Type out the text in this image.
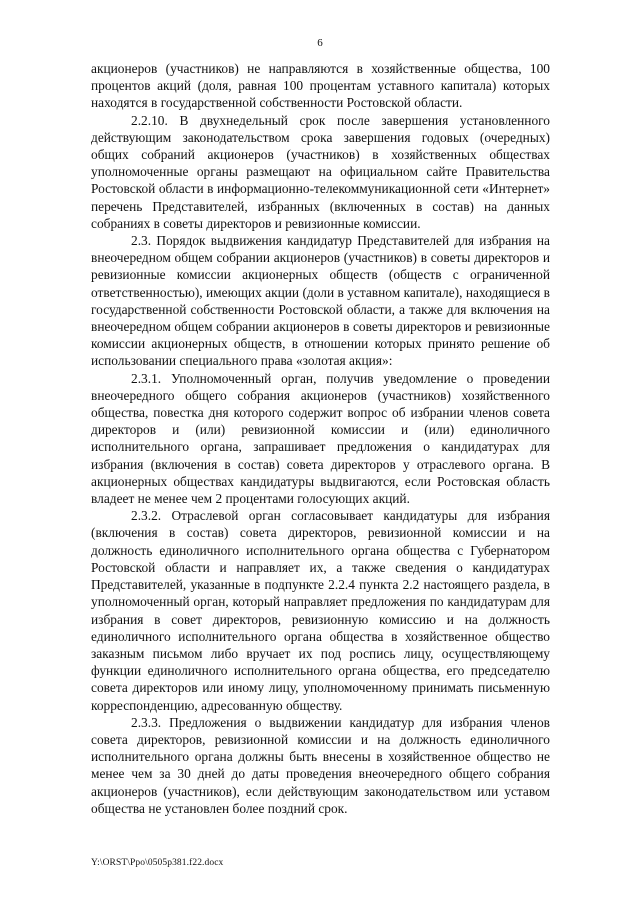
6

акционеров (участников) не направляются в хозяйственные общества, 100 процентов акций (доля, равная 100 процентам уставного капитала) которых находятся в государственной собственности Ростовской области.

2.2.10. В двухнедельный срок после завершения установленного действующим законодательством срока завершения годовых (очередных) общих собраний акционеров (участников) в хозяйственных обществах уполномоченные органы размещают на официальном сайте Правительства Ростовской области в информационно-телекоммуникационной сети «Интернет» перечень Представителей, избранных (включенных в состав) на данных собраниях в советы директоров и ревизионные комиссии.

2.3. Порядок выдвижения кандидатур Представителей для избрания на внеочередном общем собрании акционеров (участников) в советы директоров и ревизионные комиссии акционерных обществ (обществ с ограниченной ответственностью), имеющих акции (доли в уставном капитале), находящиеся в государственной собственности Ростовской области, а также для включения на внеочередном общем собрании акционеров в советы директоров и ревизионные комиссии акционерных обществ, в отношении которых принято решение об использовании специального права «золотая акция»:

2.3.1. Уполномоченный орган, получив уведомление о проведении внеочередного общего собрания акционеров (участников) хозяйственного общества, повестка дня которого содержит вопрос об избрании членов совета директоров и (или) ревизионной комиссии и (или) единоличного исполнительного органа, запрашивает предложения о кандидатурах для избрания (включения в состав) совета директоров у отраслевого органа. В акционерных обществах кандидатуры выдвигаются, если Ростовская область владеет не менее чем 2 процентами голосующих акций.

2.3.2. Отраслевой орган согласовывает кандидатуры для избрания (включения в состав) совета директоров, ревизионной комиссии и на должность единоличного исполнительного органа общества с Губернатором Ростовской области и направляет их, а также сведения о кандидатурах Представителей, указанные в подпункте 2.2.4 пункта 2.2 настоящего раздела, в уполномоченный орган, который направляет предложения по кандидатурам для избрания в совет директоров, ревизионную комиссию и на должность единоличного исполнительного органа общества в хозяйственное общество заказным письмом либо вручает их под роспись лицу, осуществляющему функции единоличного исполнительного органа общества, его председателю совета директоров или иному лицу, уполномоченному принимать письменную корреспонденцию, адресованную обществу.

2.3.3. Предложения о выдвижении кандидатур для избрания членов совета директоров, ревизионной комиссии и на должность единоличного исполнительного органа должны быть внесены в хозяйственное общество не менее чем за 30 дней до даты проведения внеочередного общего собрания акционеров (участников), если действующим законодательством или уставом общества не установлен более поздний срок.

Y:\ORST\Ppo\0505p381.f22.docx
